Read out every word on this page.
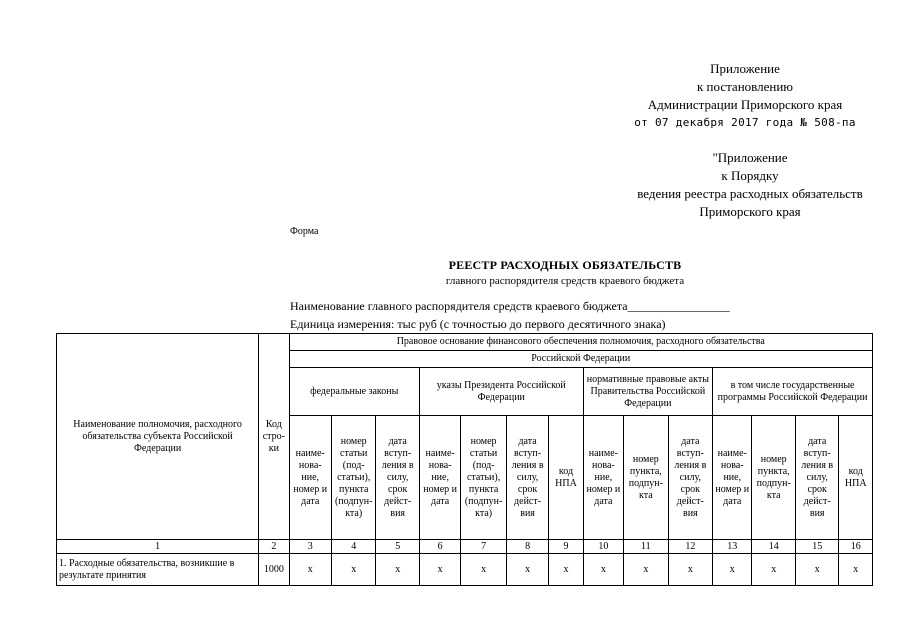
Приложение
к постановлению
Администрации Приморского края
от 07 декабря 2017 года № 508-па
"Приложение
к Порядку
ведения реестра расходных обязательств
Приморского края
Форма
РЕЕСТР РАСХОДНЫХ ОБЯЗАТЕЛЬСТВ
главного распорядителя средств краевого бюджета
Наименование главного распорядителя средств краевого бюджета_________________
Единица измерения: тыс руб (с точностью до первого десятичного знака)
Наименование полномочия, расходного обязательства субъекта Российской Федерации	Код стро-ки	Правовое основание финансового обеспечения полномочия, расходного обязательства													
		Российской Федерации													
		федеральные законы			указы Президента Российской Федерации				нормативные правовые акты Правительства Российской Федерации			в том числе государственные программы Российской Федерации			
		наиме-нова-ние, номер и дата	номер статьи (под-статьи), пункта (подпун-кта)	дата вступ-ления в силу, срок дейст-вия	наиме-нова-ние, номер и дата	номер статьи (под-статьи), пункта (подпун-кта)	дата вступ-ления в силу, срок дейст-вия	код НПА	наиме-нова-ние, номер и дата	номер пункта, подпун-кта	дата вступ-ления в силу, срок дейст-вия	наиме-нова-ние, номер и дата	номер пункта, подпун-кта	дата вступ-ления в силу, срок дейст-вия	код НПА
1	2	3	4	5	6	7	8	9	10	11	12	13	14	15	16
1. Расходные обязательства, возникшие в результате принятия	1000	x	x	x	x	x	x	x	x	x	x	x	x	x	x
